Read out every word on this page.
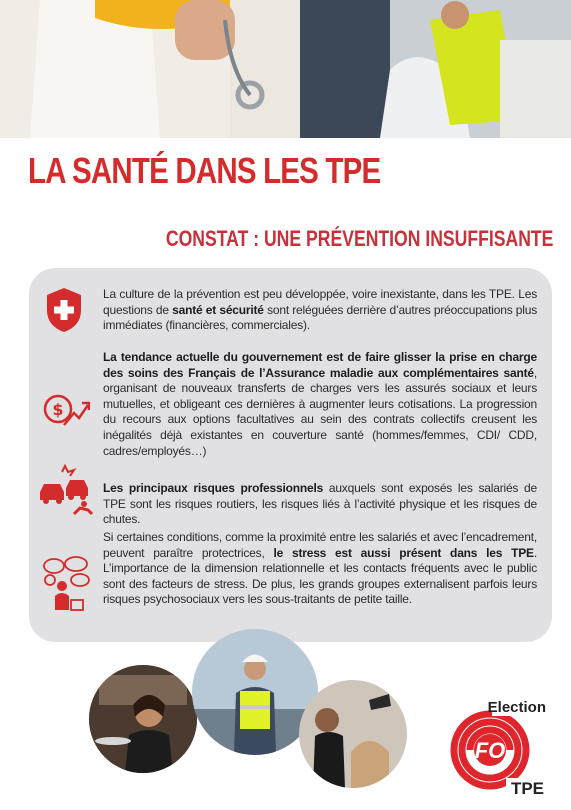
LA SANTÉ DANS LES TPE
CONSTAT : UNE PRÉVENTION INSUFFISANTE
$

La culture de la prévention est peu développée, voire inexistante, dans les TPE. Les questions de santé et sécurité sont reléguées derrière d’autres préoccupations plus immédiates (financières, commerciales).

La tendance actuelle du gouvernement est de faire glisser la prise en charge des soins des Français de l’Assurance maladie aux complémentaires santé, organisant de nouveaux transferts de charges vers les assurés sociaux et leurs mutuelles, et obligeant ces dernières à augmenter leurs cotisations. La progression du recours aux options facultatives au sein des contrats collectifs creusent les inégalités déjà existantes en couverture santé (hommes/femmes, CDI/ CDD, cadres/employés…)

Les principaux risques professionnels auxquels sont exposés les salariés de TPE sont les risques routiers, les risques liés à l’activité physique et les risques de chutes.

Si certaines conditions, comme la proximité entre les salariés et avec l’encadrement, peuvent paraître protectrices, le stress est aussi présent dans les TPE. L’importance de la dimension relationnelle et les contacts fréquents avec le public sont des facteurs de stress. De plus, les grands groupes externalisent parfois leurs risques psychosociaux vers les sous-traitants de petite taille.

FO
Election
TPE
